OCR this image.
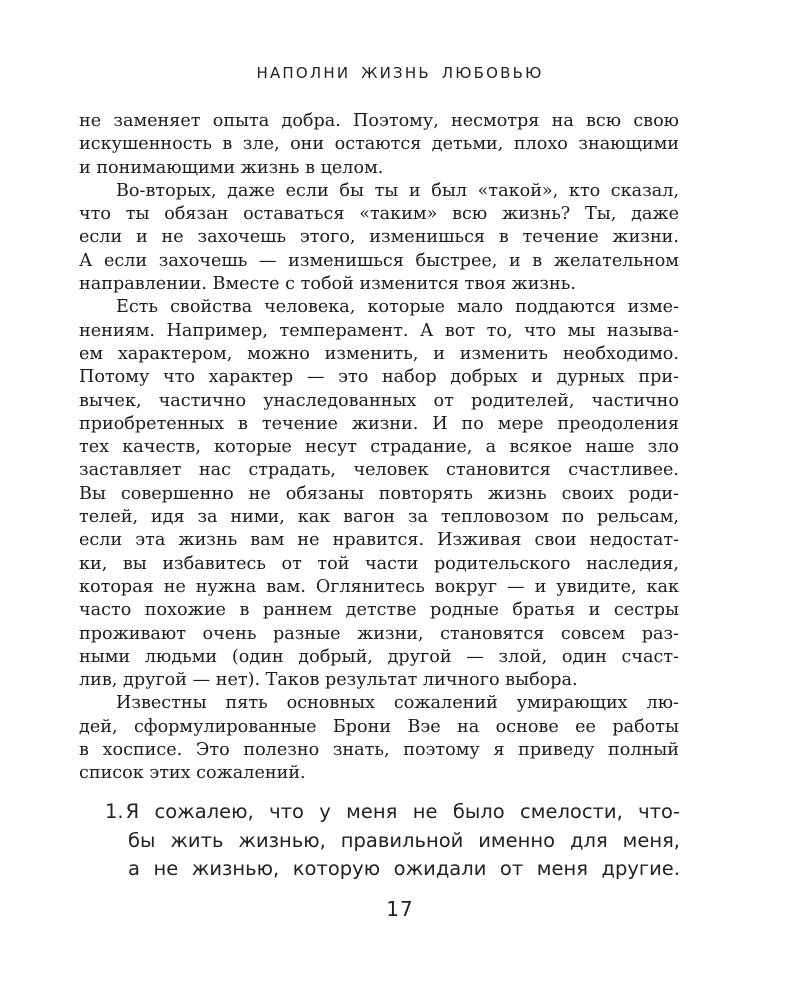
НАПОЛНИ ЖИЗНЬ ЛЮБОВЬЮ
не заменяет опыта добра. Поэтому, несмотря на всю свою
искушенность в зле, они остаются детьми, плохо знающими
и понимающими жизнь в целом.
Во-вторых, даже если бы ты и был «такой», кто сказал,
что ты обязан оставаться «таким» всю жизнь? Ты, даже
если и не захочешь этого, изменишься в течение жизни.
А если захочешь — изменишься быстрее, и в желательном
направлении. Вместе с тобой изменится твоя жизнь.
Есть свойства человека, которые мало поддаются изме-
нениям. Например, темперамент. А вот то, что мы называ-
ем характером, можно изменить, и изменить необходимо.
Потому что характер — это набор добрых и дурных при-
вычек, частично унаследованных от родителей, частично
приобретенных в течение жизни. И по мере преодоления
тех качеств, которые несут страдание, а всякое наше зло
заставляет нас страдать, человек становится счастливее.
Вы совершенно не обязаны повторять жизнь своих роди-
телей, идя за ними, как вагон за тепловозом по рельсам,
если эта жизнь вам не нравится. Изживая свои недостат-
ки, вы избавитесь от той части родительского наследия,
которая не нужна вам. Оглянитесь вокруг — и увидите, как
часто похожие в раннем детстве родные братья и сестры
проживают очень разные жизни, становятся совсем раз-
ными людьми (один добрый, другой — злой, один счаст-
лив, другой — нет). Таков результат личного выбора.
Известны пять основных сожалений умирающих лю-
дей, сформулированные Брони Вэе на основе ее работы
в хосписе. Это полезно знать, поэтому я приведу полный
список этих сожалений.
1. Я сожалею, что у меня не было смелости, что-
бы жить жизнью, правильной именно для меня,
а не жизнью, которую ожидали от меня другие.
17
